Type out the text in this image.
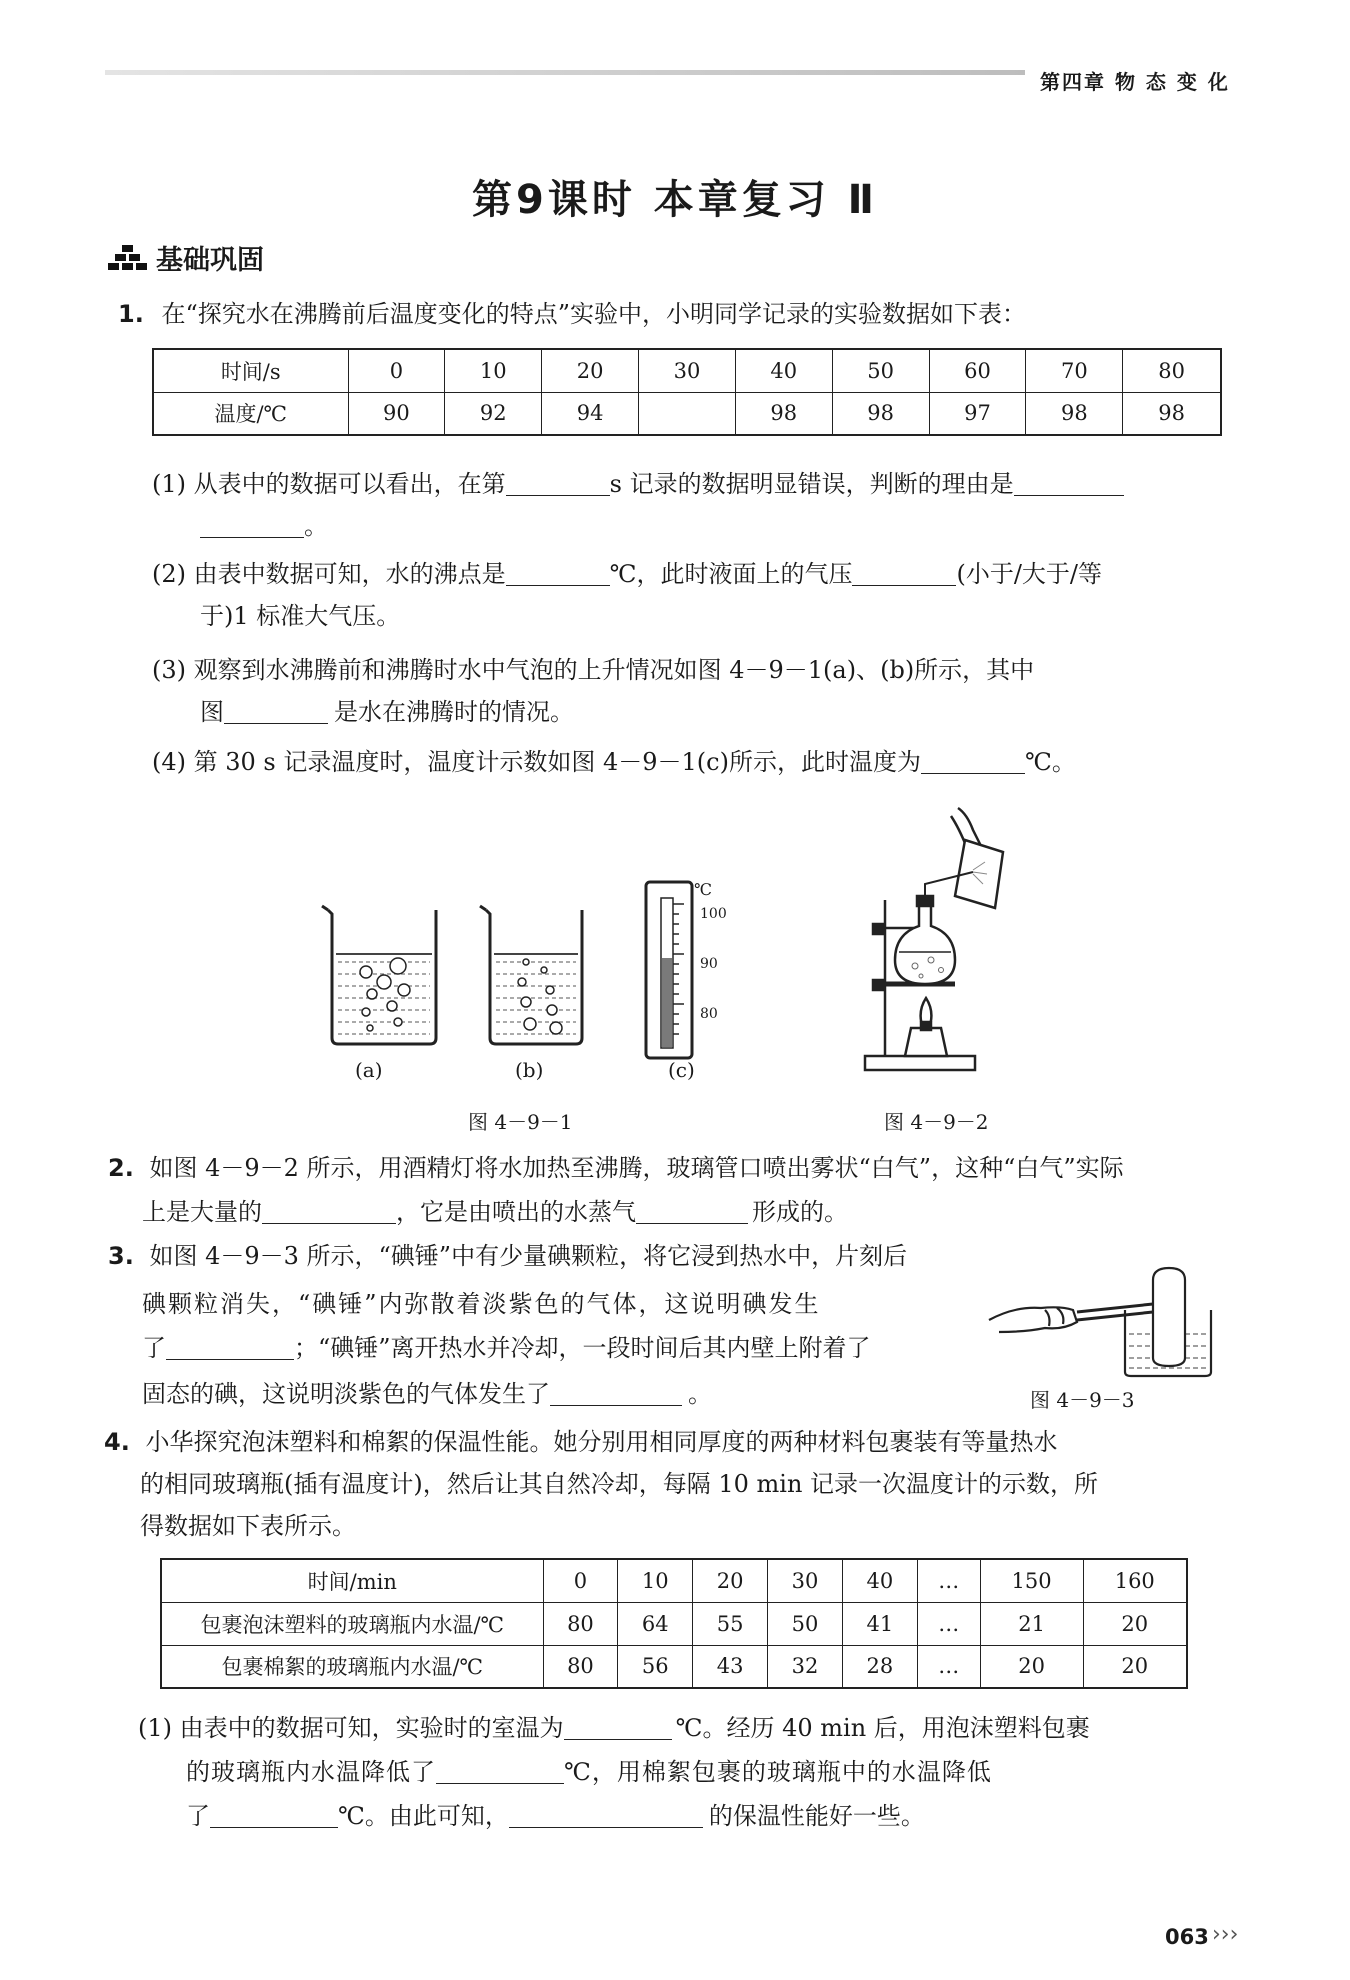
第四章 物 态 变 化
第9课时 本章复习 Ⅱ
基础巩固
1. 在“探究水在沸腾前后温度变化的特点”实验中，小明同学记录的实验数据如下表：
时间/s	0	10	20	30	40	50	60	70	80
温度/℃	90	92	94		98	98	97	98	98
(1) 从表中的数据可以看出，在第	s 记录的数据明显错误，判断的理由是
。
(2) 由表中数据可知，水的沸点是	℃，此时液面上的气压	(小于/大于/等
于)1 标准大气压。
(3) 观察到水沸腾前和沸腾时水中气泡的上升情况如图 4－9－1(a)、(b)所示，其中
图	是水在沸腾时的情况。
(4) 第 30 s 记录温度时，温度计示数如图 4－9－1(c)所示，此时温度为	℃。
℃
100
90
80
(a)	(b)	(c)
图 4－9－1	图 4－9－2
2. 如图 4－9－2 所示，用酒精灯将水加热至沸腾，玻璃管口喷出雾状“白气”，这种“白气”实际
上是大量的	，它是由喷出的水蒸气	形成的。
3. 如图 4－9－3 所示，“碘锤”中有少量碘颗粒，将它浸到热水中，片刻后
碘颗粒消失，“碘锤”内弥散着淡紫色的气体，这说明碘发生
了	；“碘锤”离开热水并冷却，一段时间后其内壁上附着了
固态的碘，这说明淡紫色的气体发生了	。	图 4－9－3
4. 小华探究泡沫塑料和棉絮的保温性能。她分别用相同厚度的两种材料包裹装有等量热水
的相同玻璃瓶(插有温度计)，然后让其自然冷却，每隔 10 min 记录一次温度计的示数，所
得数据如下表所示。
时间/min	0	10	20	30	40	…	150	160
包裹泡沫塑料的玻璃瓶内水温/℃	80	64	55	50	41	…	21	20
包裹棉絮的玻璃瓶内水温/℃	80	56	43	32	28	…	20	20
(1) 由表中的数据可知，实验时的室温为	℃。经历 40 min 后，用泡沫塑料包裹
的玻璃瓶内水温降低了	℃，用棉絮包裹的玻璃瓶中的水温降低
了	℃。由此可知，	的保温性能好一些。
063 ›››
